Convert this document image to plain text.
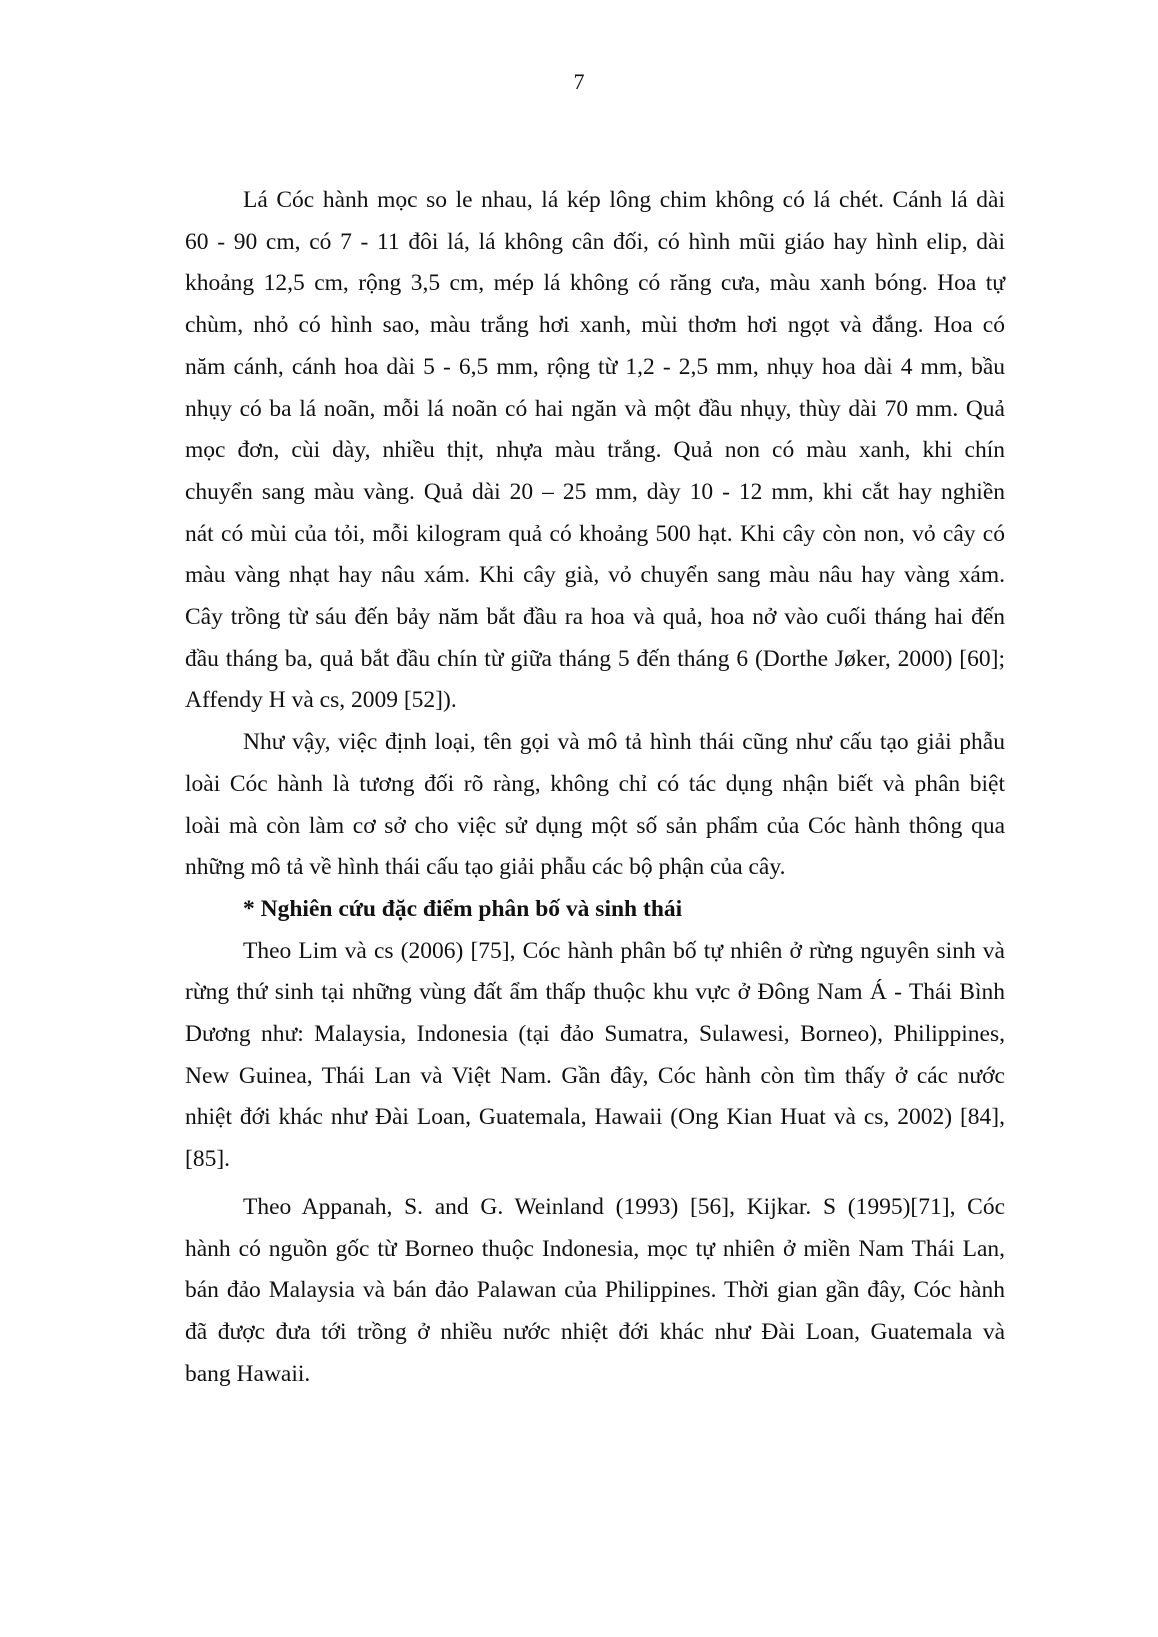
7
Lá Cóc hành mọc so le nhau, lá kép lông chim không có lá chét. Cánh lá dài
60 - 90 cm, có 7 - 11 đôi lá, lá không cân đối, có hình mũi giáo hay hình elip, dài
khoảng 12,5 cm, rộng 3,5 cm, mép lá không có răng cưa, màu xanh bóng. Hoa tự
chùm, nhỏ có hình sao, màu trắng hơi xanh, mùi thơm hơi ngọt và đắng. Hoa có
năm cánh, cánh hoa dài 5 - 6,5 mm, rộng từ 1,2 - 2,5 mm, nhụy hoa dài 4 mm, bầu
nhụy có ba lá noãn, mỗi lá noãn có hai ngăn và một đầu nhụy, thùy dài 70 mm. Quả
mọc đơn, cùi dày, nhiều thịt, nhựa màu trắng. Quả non có màu xanh, khi chín
chuyển sang màu vàng. Quả dài 20 – 25 mm, dày 10 - 12 mm, khi cắt hay nghiền
nát có mùi của tỏi, mỗi kilogram quả có khoảng 500 hạt. Khi cây còn non, vỏ cây có
màu vàng nhạt hay nâu xám. Khi cây già, vỏ chuyển sang màu nâu hay vàng xám.
Cây trồng từ sáu đến bảy năm bắt đầu ra hoa và quả, hoa nở vào cuối tháng hai đến
đầu tháng ba, quả bắt đầu chín từ giữa tháng 5 đến tháng 6 (Dorthe Jøker, 2000) [60];
Affendy H và cs, 2009 [52]).
Như vậy, việc định loại, tên gọi và mô tả hình thái cũng như cấu tạo giải phẫu
loài Cóc hành là tương đối rõ ràng, không chỉ có tác dụng nhận biết và phân biệt
loài mà còn làm cơ sở cho việc sử dụng một số sản phẩm của Cóc hành thông qua
những mô tả về hình thái cấu tạo giải phẫu các bộ phận của cây.
* Nghiên cứu đặc điểm phân bố và sinh thái
Theo Lim và cs (2006) [75], Cóc hành phân bố tự nhiên ở rừng nguyên sinh và
rừng thứ sinh tại những vùng đất ẩm thấp thuộc khu vực ở Đông Nam Á - Thái Bình
Dương như: Malaysia, Indonesia (tại đảo Sumatra, Sulawesi, Borneo), Philippines,
New Guinea, Thái Lan và Việt Nam. Gần đây, Cóc hành còn tìm thấy ở các nước
nhiệt đới khác như Đài Loan, Guatemala, Hawaii (Ong Kian Huat và cs, 2002) [84],
[85].
Theo Appanah, S. and G. Weinland (1993) [56], Kijkar. S (1995)[71], Cóc
hành có nguồn gốc từ Borneo thuộc Indonesia, mọc tự nhiên ở miền Nam Thái Lan,
bán đảo Malaysia và bán đảo Palawan của Philippines. Thời gian gần đây, Cóc hành
đã được đưa tới trồng ở nhiều nước nhiệt đới khác như Đài Loan, Guatemala và
bang Hawaii.
